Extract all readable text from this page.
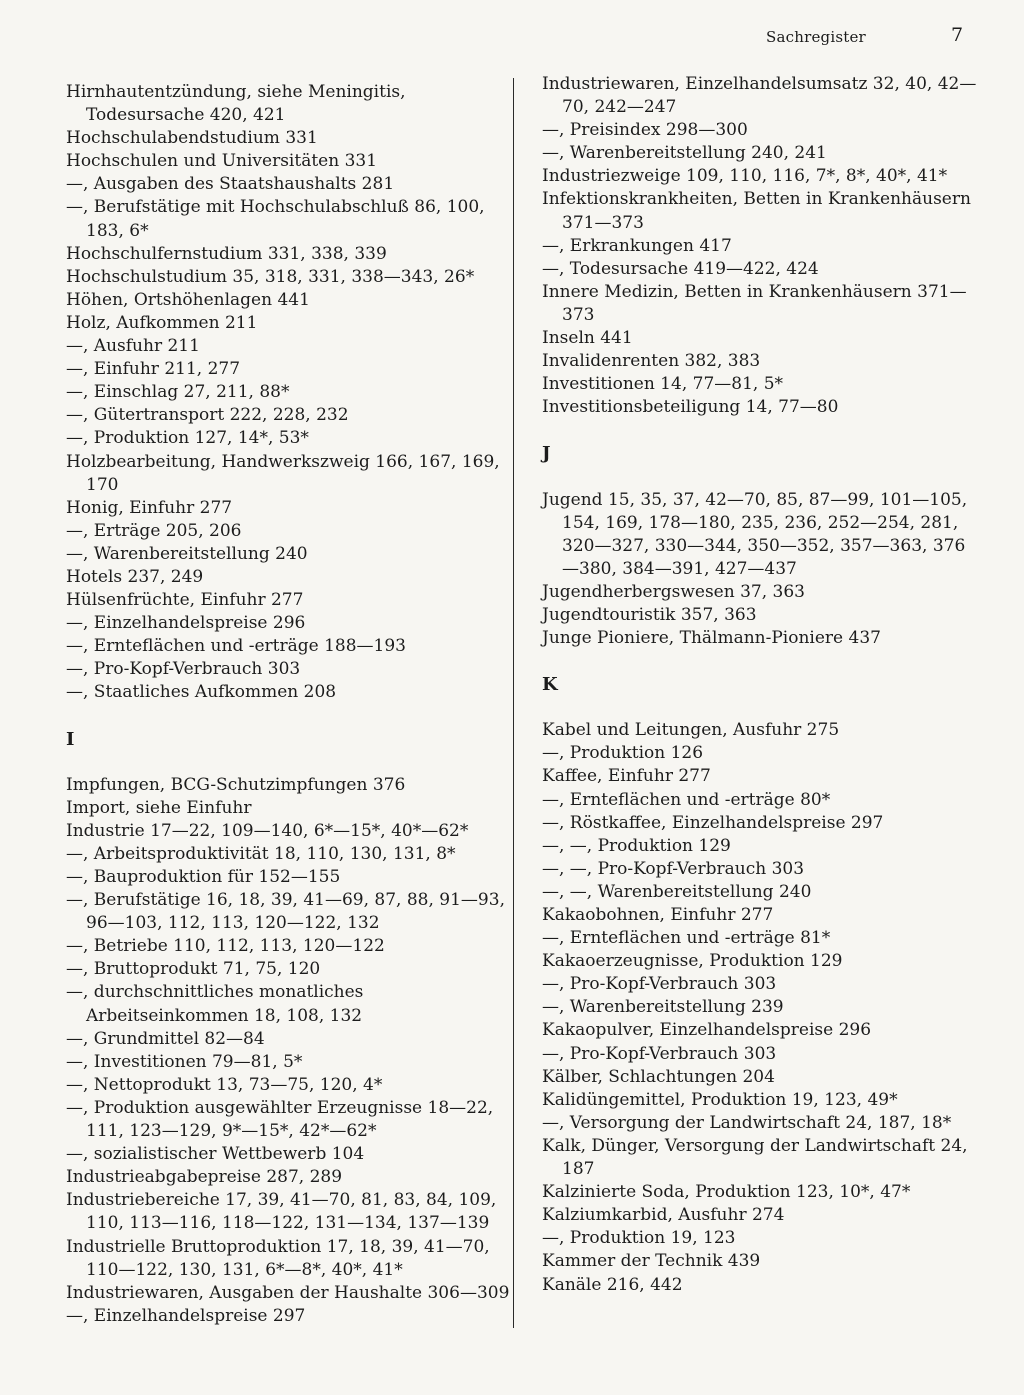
Sachregister	7
Hirnhautentzündung, siehe Meningitis, Todesursache 420, 421
Hochschulabendstudium 331
Hochschulen und Universitäten 331
—, Ausgaben des Staatshaushalts 281
—, Berufstätige mit Hochschulabschluß 86, 100, 183, 6*
Hochschulfernstudium 331, 338, 339
Hochschulstudium 35, 318, 331, 338—343, 26*
Höhen, Ortshöhenlagen 441
Holz, Aufkommen 211
—, Ausfuhr 211
—, Einfuhr 211, 277
—, Einschlag 27, 211, 88*
—, Gütertransport 222, 228, 232
—, Produktion 127, 14*, 53*
Holzbearbeitung, Handwerkszweig 166, 167, 169, 170
Honig, Einfuhr 277
—, Erträge 205, 206
—, Warenbereitstellung 240
Hotels 237, 249
Hülsenfrüchte, Einfuhr 277
—, Einzelhandelspreise 296
—, Ernteflächen und -erträge 188—193
—, Pro-Kopf-Verbrauch 303
—, Staatliches Aufkommen 208
I
Impfungen, BCG-Schutzimpfungen 376
Import, siehe Einfuhr
Industrie 17—22, 109—140, 6*—15*, 40*—62*
—, Arbeitsproduktivität 18, 110, 130, 131, 8*
—, Bauproduktion für 152—155
—, Berufstätige 16, 18, 39, 41—69, 87, 88, 91—93, 96—103, 112, 113, 120—122, 132
—, Betriebe 110, 112, 113, 120—122
—, Bruttoprodukt 71, 75, 120
—, durchschnittliches monatliches Arbeitseinkommen 18, 108, 132
—, Grundmittel 82—84
—, Investitionen 79—81, 5*
—, Nettoprodukt 13, 73—75, 120, 4*
—, Produktion ausgewählter Erzeugnisse 18—22, 111, 123—129, 9*—15*, 42*—62*
—, sozialistischer Wettbewerb 104
Industrieabgabepreise 287, 289
Industriebereiche 17, 39, 41—70, 81, 83, 84, 109, 110, 113—116, 118—122, 131—134, 137—139
Industrielle Bruttoproduktion 17, 18, 39, 41—70, 110—122, 130, 131, 6*—8*, 40*, 41*
Industriewaren, Ausgaben der Haushalte 306—309
—, Einzelhandelspreise 297
Industriewaren, Einzelhandelsumsatz 32, 40, 42—70, 242—247
—, Preisindex 298—300
—, Warenbereitstellung 240, 241
Industriezweige 109, 110, 116, 7*, 8*, 40*, 41*
Infektionskrankheiten, Betten in Krankenhäusern 371—373
—, Erkrankungen 417
—, Todesursache 419—422, 424
Innere Medizin, Betten in Krankenhäusern 371—373
Inseln 441
Invalidenrenten 382, 383
Investitionen 14, 77—81, 5*
Investitionsbeteiligung 14, 77—80
J
Jugend 15, 35, 37, 42—70, 85, 87—99, 101—105, 154, 169, 178—180, 235, 236, 252—254, 281, 320—327, 330—344, 350—352, 357—363, 376—380, 384—391, 427—437
Jugendherbergswesen 37, 363
Jugendtouristik 357, 363
Junge Pioniere, Thälmann-Pioniere 437
K
Kabel und Leitungen, Ausfuhr 275
—, Produktion 126
Kaffee, Einfuhr 277
—, Ernteflächen und -erträge 80*
—, Röstkaffee, Einzelhandelspreise 297
—, —, Produktion 129
—, —, Pro-Kopf-Verbrauch 303
—, —, Warenbereitstellung 240
Kakaobohnen, Einfuhr 277
—, Ernteflächen und -erträge 81*
Kakaoerzeugnisse, Produktion 129
—, Pro-Kopf-Verbrauch 303
—, Warenbereitstellung 239
Kakaopulver, Einzelhandelspreise 296
—, Pro-Kopf-Verbrauch 303
Kälber, Schlachtungen 204
Kalidüngemittel, Produktion 19, 123, 49*
—, Versorgung der Landwirtschaft 24, 187, 18*
Kalk, Dünger, Versorgung der Landwirtschaft 24, 187
Kalzinierte Soda, Produktion 123, 10*, 47*
Kalziumkarbid, Ausfuhr 274
—, Produktion 19, 123
Kammer der Technik 439
Kanäle 216, 442
